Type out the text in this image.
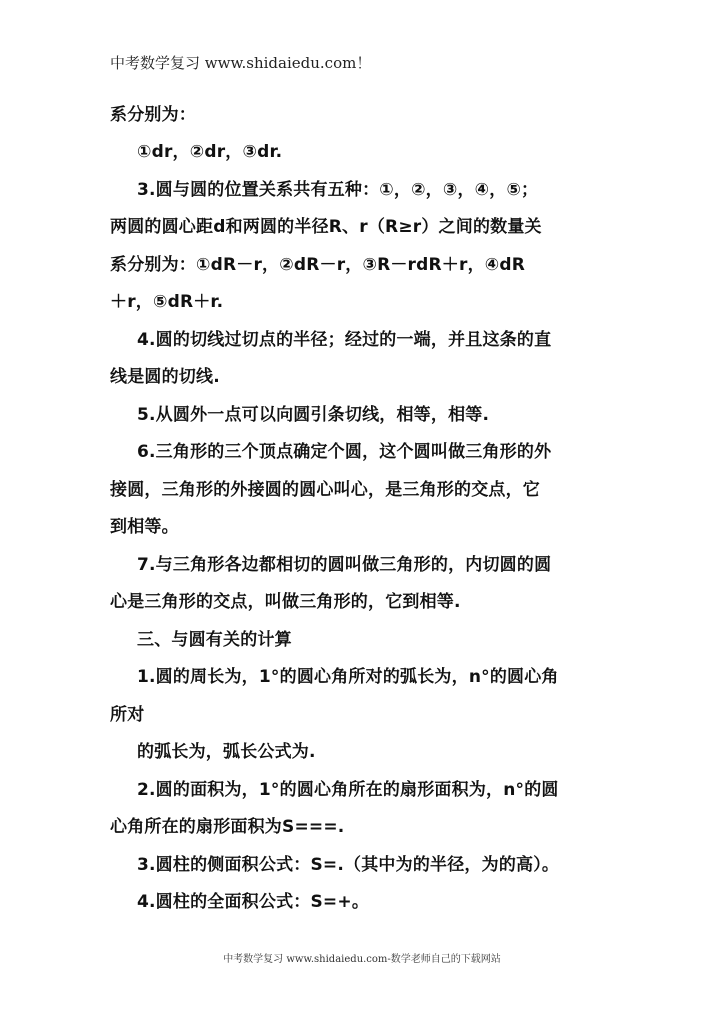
中考数学复习 www.shidaiedu.com！
系分别为：
①dr，②dr，③dr.
3.圆与圆的位置关系共有五种：①，②，③，④，⑤；
两圆的圆心距d和两圆的半径R、r（R≥r）之间的数量关
系分别为：①dR－r，②dR－r，③R－rdR＋r，④dR
＋r，⑤dR＋r.
4.圆的切线过切点的半径；经过的一端，并且这条的直
线是圆的切线.
5.从圆外一点可以向圆引条切线，相等，相等.
6.三角形的三个顶点确定个圆，这个圆叫做三角形的外
接圆，三角形的外接圆的圆心叫心，是三角形的交点，它
到相等。
7.与三角形各边都相切的圆叫做三角形的，内切圆的圆
心是三角形的交点，叫做三角形的，它到相等.
三、与圆有关的计算
1.圆的周长为，1°的圆心角所对的弧长为，n°的圆心角
所对
的弧长为，弧长公式为.
2.圆的面积为，1°的圆心角所在的扇形面积为，n°的圆
心角所在的扇形面积为S===.
3.圆柱的侧面积公式：S=.（其中为的半径，为的高）。
4.圆柱的全面积公式：S=+。
中考数学复习 www.shidaiedu.com-数学老师自己的下载网站
